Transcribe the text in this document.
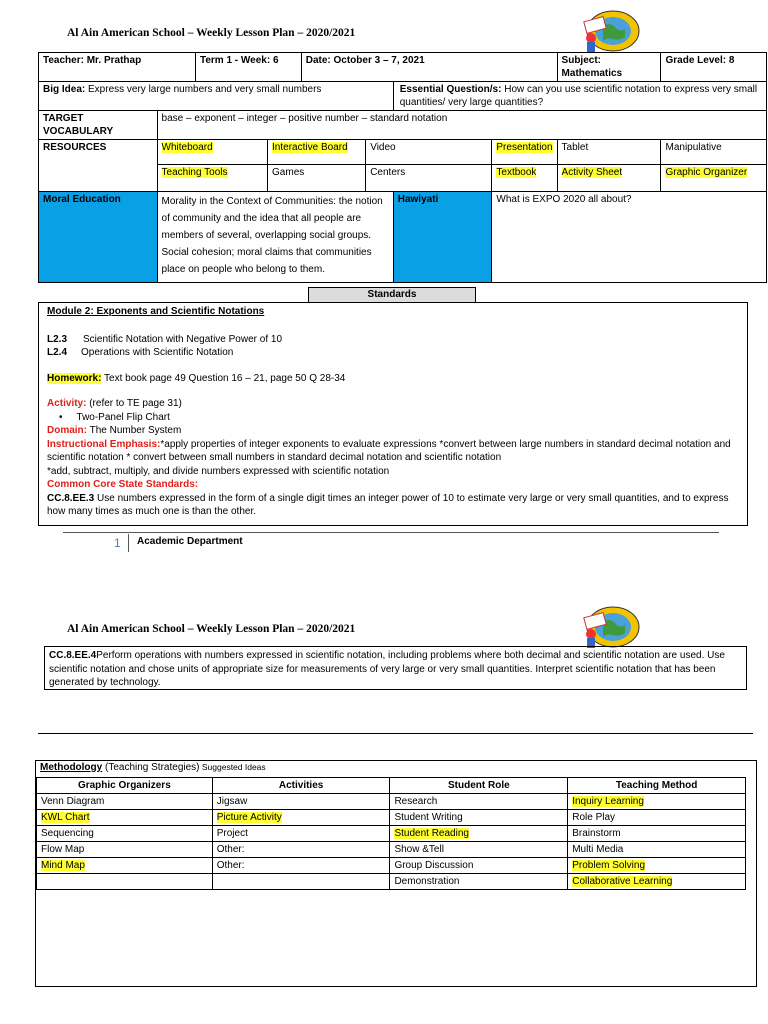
Al Ain American School – Weekly Lesson Plan – 2020/2021
Teacher: Mr. Prathap		Term 1 - Week: 6		Date: October 3 – 7, 2021				Subject: Mathematics	Grade Level: 8
Big Idea: Express very large numbers and very small numbers						Essential Question/s: How can you use scientific notation to express very small quantities/ very large quantities?			
TARGET VOCABULARY	base – exponent – integer – positive number – standard notation								
RESOURCES	Whiteboard		Interactive Board		Video		Presentation	Tablet	Manipulative
	Teaching Tools		Games		Centers		Textbook	Activity Sheet	Graphic Organizer
Moral Education	Morality in the Context of Communities: the notion of community and the idea that all people are members of several, overlapping social groups. Social cohesion; moral claims that communities place on people who belong to them.					Hawiyati	What is EXPO 2020 all about?		
Standards
Module 2: Exponents and Scientific Notations
L2.3 Scientific Notation with Negative Power of 10
L2.4 Operations with Scientific Notation
Homework: Text book page 49 Question 16 – 21, page 50 Q 28-34
Activity: (refer to TE page 31)
• Two-Panel Flip Chart
Domain: The Number System
Instructional Emphasis:*apply properties of integer exponents to evaluate expressions *convert between large numbers in standard decimal notation and scientific notation * convert between small numbers in standard decimal notation and scientific notation
*add, subtract, multiply, and divide numbers expressed with scientific notation
Common Core State Standards:
CC.8.EE.3 Use numbers expressed in the form of a single digit times an integer power of 10 to estimate very large or very small quantities, and to express how many times as much one is than the other.
1 Academic Department
Al Ain American School – Weekly Lesson Plan – 2020/2021
CC.8.EE.4Perform operations with numbers expressed in scientific notation, including problems where both decimal and scientific notation are used. Use scientific notation and chose units of appropriate size for measurements of very large or very small quantities. Interpret scientific notation that has been generated by technology.
Methodology (Teaching Strategies) Suggested Ideas
Graphic Organizers	Activities	Student Role	Teaching Method
Venn Diagram	Jigsaw	Research	Inquiry Learning
KWL Chart	Picture Activity	Student Writing	Role Play
Sequencing	Project	Student Reading	Brainstorm
Flow Map	Other:	Show &Tell	Multi Media
Mind Map	Other:	Group Discussion	Problem Solving
		Demonstration	Collaborative Learning
